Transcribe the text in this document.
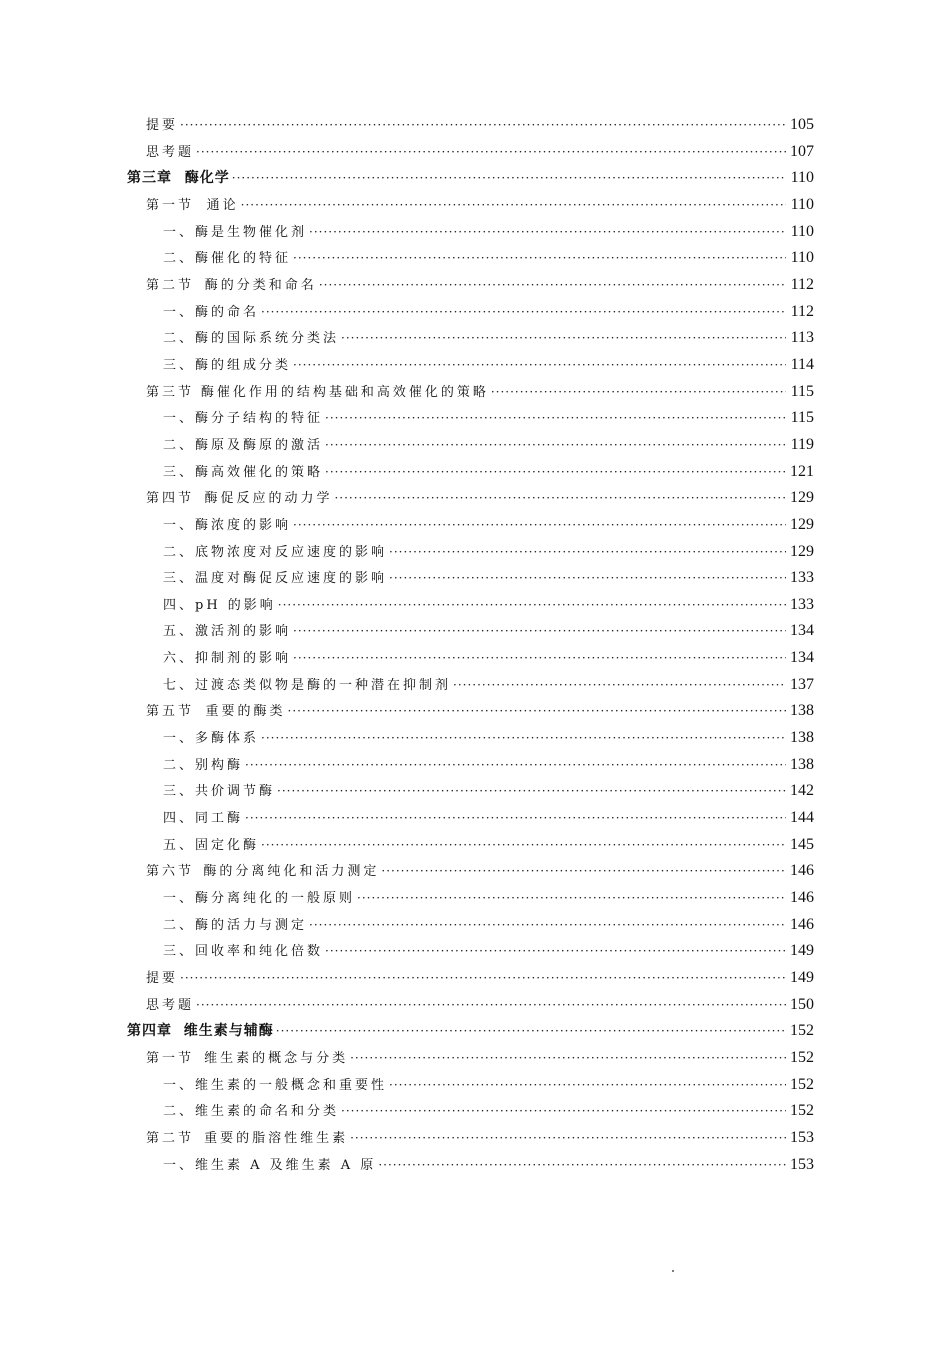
提要 ·····	105
思考题 ·····	107
第三章 酶化学 ·····	110
第一节 通论 ·····	110
一、酶是生物催化剂 ·····	110
二、酶催化的特征 ·····	110
第二节 酶的分类和命名 ·····	112
一、酶的命名 ·····	112
二、酶的国际系统分类法 ·····	113
三、酶的组成分类 ·····	114
第三节 酶催化作用的结构基础和高效催化的策略 ·····	115
一、酶分子结构的特征 ·····	115
二、酶原及酶原的激活 ·····	119
三、酶高效催化的策略 ·····	121
第四节 酶促反应的动力学 ·····	129
一、酶浓度的影响 ·····	129
二、底物浓度对反应速度的影响 ·····	129
三、温度对酶促反应速度的影响 ·····	133
四、pH 的影响 ·····	133
五、激活剂的影响 ·····	134
六、抑制剂的影响 ·····	134
七、过渡态类似物是酶的一种潜在抑制剂 ·····	137
第五节 重要的酶类 ·····	138
一、多酶体系 ·····	138
二、别构酶 ·····	138
三、共价调节酶 ·····	142
四、同工酶 ·····	144
五、固定化酶 ·····	145
第六节 酶的分离纯化和活力测定 ·····	146
一、酶分离纯化的一般原则 ·····	146
二、酶的活力与测定 ·····	146
三、回收率和纯化倍数 ·····	149
提要 ·····	149
思考题 ·····	150
第四章 维生素与辅酶 ·····	152
第一节 维生素的概念与分类 ·····	152
一、维生素的一般概念和重要性 ·····	152
二、维生素的命名和分类 ·····	152
第二节 重要的脂溶性维生素 ·····	153
一、维生素 A 及维生素 A 原 ·····	153
